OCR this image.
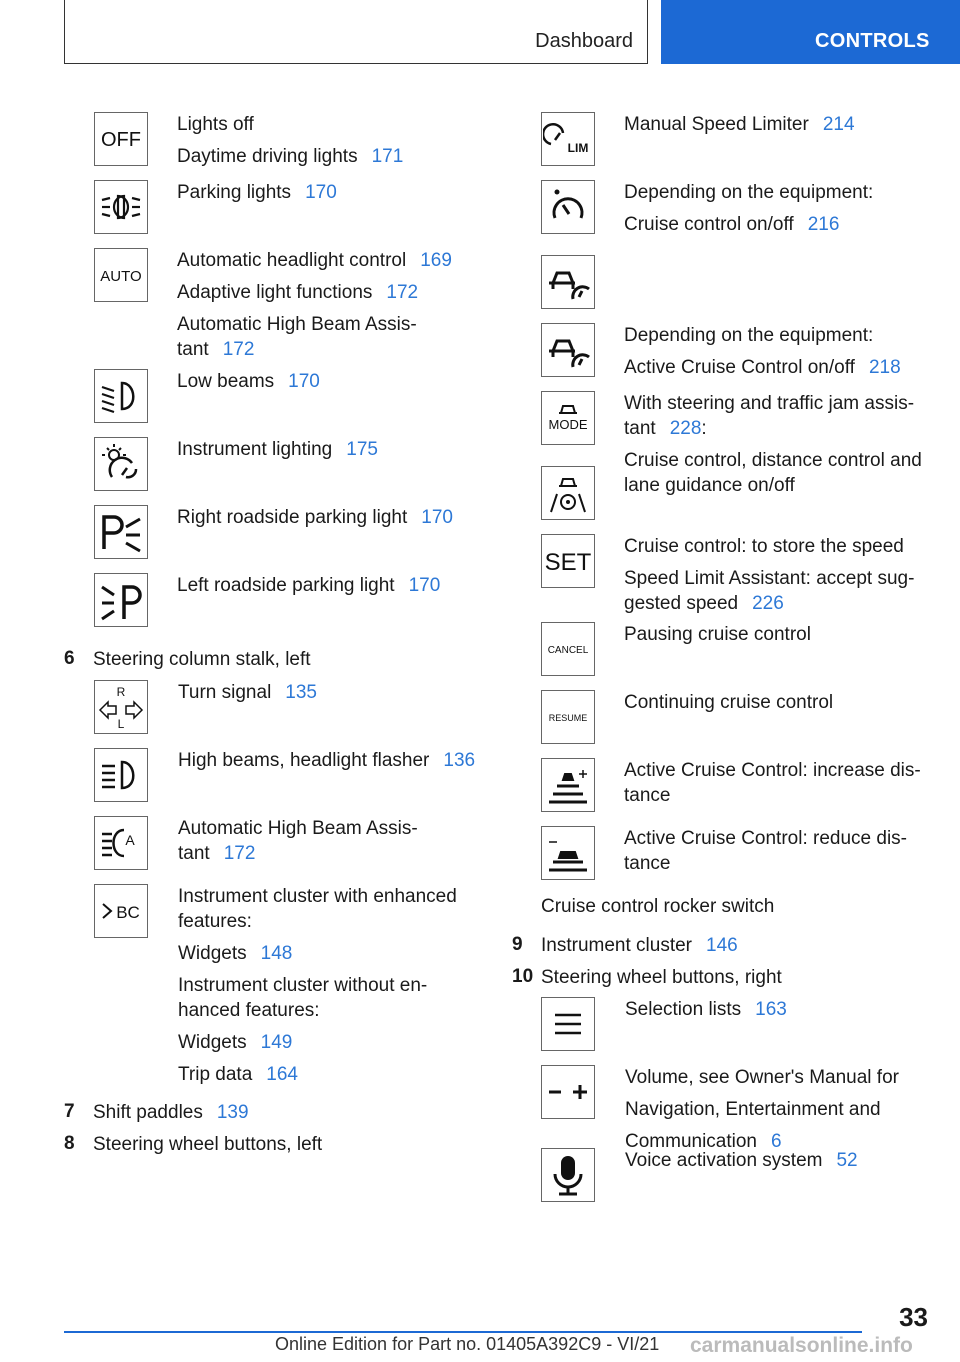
Dashboard	CONTROLS
OFF
Lights off
Daytime driving lights 171
Parking lights 170
AUTO
Automatic headlight control 169
Adaptive light functions 172
Automatic High Beam Assis-
tant 172
Low beams 170
Instrument lighting 175
Right roadside parking light 170
Left roadside parking light 170
6 Steering column stalk, left
R
L
Turn signal 135
High beams, headlight flasher 136
A
Automatic High Beam Assis-
tant 172
BC
Instrument cluster with enhanced
features:
Widgets 148
Instrument cluster without en-
hanced features:
Widgets 149
Trip data 164
7 Shift paddles 139
8 Steering wheel buttons, left
LIM
Manual Speed Limiter 214
Depending on the equipment:
Cruise control on/off 216
Depending on the equipment:
Active Cruise Control on/off 218
MODE
With steering and traffic jam assis-
tant 228:
Cruise control, distance control and
lane guidance on/off
SET
Cruise control: to store the speed
Speed Limit Assistant: accept sug-
gested speed 226
CANCEL
Pausing cruise control
RESUME
Continuing cruise control
Active Cruise Control: increase dis-
tance
Active Cruise Control: reduce dis-
tance
Cruise control rocker switch
9 Instrument cluster 146
10 Steering wheel buttons, right
Selection lists 163
Volume, see Owner's Manual for
Navigation, Entertainment and
Communication 6
Voice activation system 52
33
Online Edition for Part no. 01405A392C9 - VI/21 carmanualsonline.info
